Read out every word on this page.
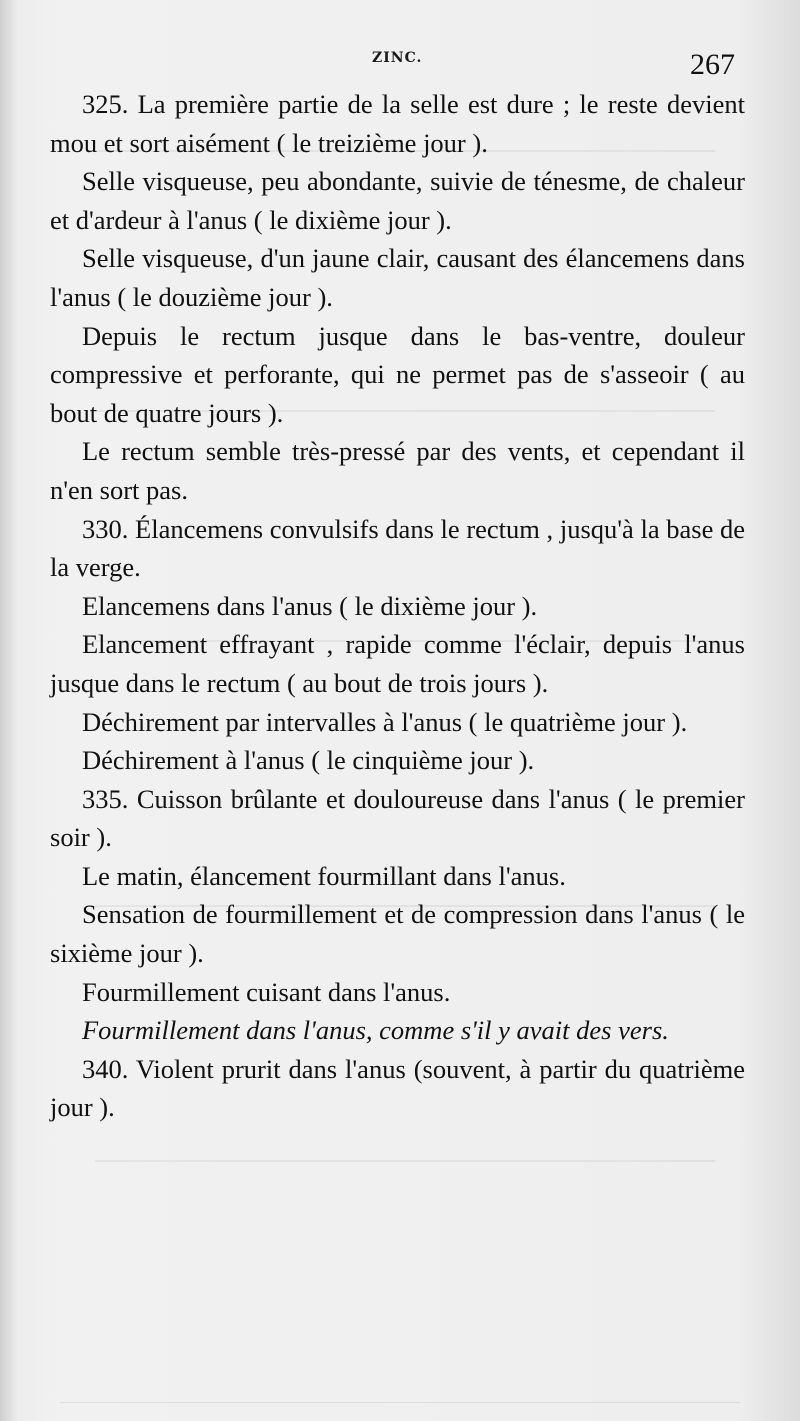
ZINC.	267

325. La première partie de la selle est dure ; le reste devient mou et sort aisément ( le treizième jour ).

Selle visqueuse, peu abondante, suivie de ténesme, de chaleur et d'ardeur à l'anus ( le dixième jour ).

Selle visqueuse, d'un jaune clair, causant des élancemens dans l'anus ( le douzième jour ).

Depuis le rectum jusque dans le bas-ventre, douleur compressive et perforante, qui ne permet pas de s'asseoir ( au bout de quatre jours ).

Le rectum semble très-pressé par des vents, et cependant il n'en sort pas.

330. Élancemens convulsifs dans le rectum , jusqu'à la base de la verge.

Elancemens dans l'anus ( le dixième jour ).

Elancement effrayant , rapide comme l'éclair, depuis l'anus jusque dans le rectum ( au bout de trois jours ).

Déchirement par intervalles à l'anus ( le quatrième jour ).

Déchirement à l'anus ( le cinquième jour ).

335. Cuisson brûlante et douloureuse dans l'anus ( le premier soir ).

Le matin, élancement fourmillant dans l'anus.

Sensation de fourmillement et de compression dans l'anus ( le sixième jour ).

Fourmillement cuisant dans l'anus.

Fourmillement dans l'anus, comme s'il y avait des vers.

340. Violent prurit dans l'anus (souvent, à partir du quatrième jour ).
